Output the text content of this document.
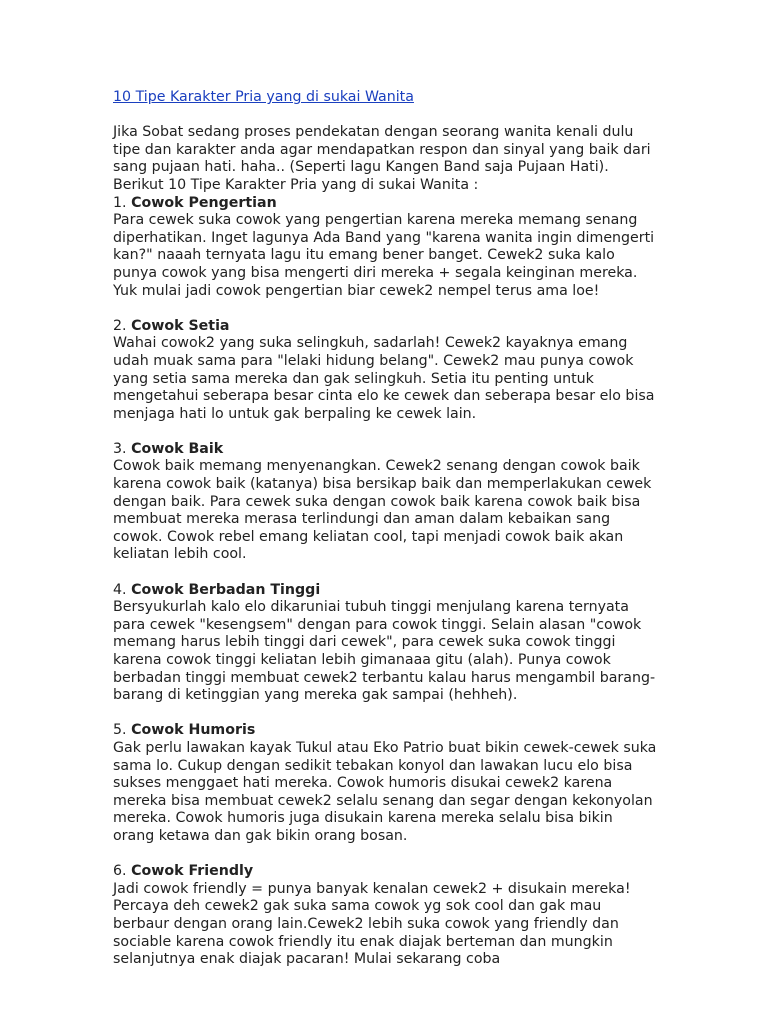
10 Tipe Karakter Pria yang di sukai Wanita

Jika Sobat sedang proses pendekatan dengan seorang wanita kenali dulu tipe dan karakter anda agar mendapatkan respon dan sinyal yang baik dari sang pujaan hati. haha.. (Seperti lagu Kangen Band saja Pujaan Hati). Berikut 10 Tipe Karakter Pria yang di sukai Wanita :

1. Cowok Pengertian

Para cewek suka cowok yang pengertian karena mereka memang senang diperhatikan. Inget lagunya Ada Band yang "karena wanita ingin dimengerti kan?" naaah ternyata lagu itu emang bener banget. Cewek2 suka kalo punya cowok yang bisa mengerti diri mereka + segala keinginan mereka. Yuk mulai jadi cowok pengertian biar cewek2 nempel terus ama loe!

2. Cowok Setia

Wahai cowok2 yang suka selingkuh, sadarlah! Cewek2 kayaknya emang udah muak sama para "lelaki hidung belang". Cewek2 mau punya cowok yang setia sama mereka dan gak selingkuh. Setia itu penting untuk mengetahui seberapa besar cinta elo ke cewek dan seberapa besar elo bisa menjaga hati lo untuk gak berpaling ke cewek lain.

3. Cowok Baik

Cowok baik memang menyenangkan. Cewek2 senang dengan cowok baik karena cowok baik (katanya) bisa bersikap baik dan memperlakukan cewek dengan baik. Para cewek suka dengan cowok baik karena cowok baik bisa membuat mereka merasa terlindungi dan aman dalam kebaikan sang cowok. Cowok rebel emang keliatan cool, tapi menjadi cowok baik akan keliatan lebih cool.

4. Cowok Berbadan Tinggi

Bersyukurlah kalo elo dikaruniai tubuh tinggi menjulang karena ternyata para cewek "kesengsem" dengan para cowok tinggi. Selain alasan "cowok memang harus lebih tinggi dari cewek", para cewek suka cowok tinggi karena cowok tinggi keliatan lebih gimanaaa gitu (alah). Punya cowok berbadan tinggi membuat cewek2 terbantu kalau harus mengambil barang-barang di ketinggian yang mereka gak sampai (hehheh).

5. Cowok Humoris

Gak perlu lawakan kayak Tukul atau Eko Patrio buat bikin cewek-cewek suka sama lo. Cukup dengan sedikit tebakan konyol dan lawakan lucu elo bisa sukses menggaet hati mereka. Cowok humoris disukai cewek2 karena mereka bisa membuat cewek2 selalu senang dan segar dengan kekonyolan mereka. Cowok humoris juga disukain karena mereka selalu bisa bikin orang ketawa dan gak bikin orang bosan.

6. Cowok Friendly

Jadi cowok friendly = punya banyak kenalan cewek2 + disukain mereka! Percaya deh cewek2 gak suka sama cowok yg sok cool dan gak mau berbaur dengan orang lain.Cewek2 lebih suka cowok yang friendly dan sociable karena cowok friendly itu enak diajak berteman dan mungkin selanjutnya enak diajak pacaran! Mulai sekarang coba
